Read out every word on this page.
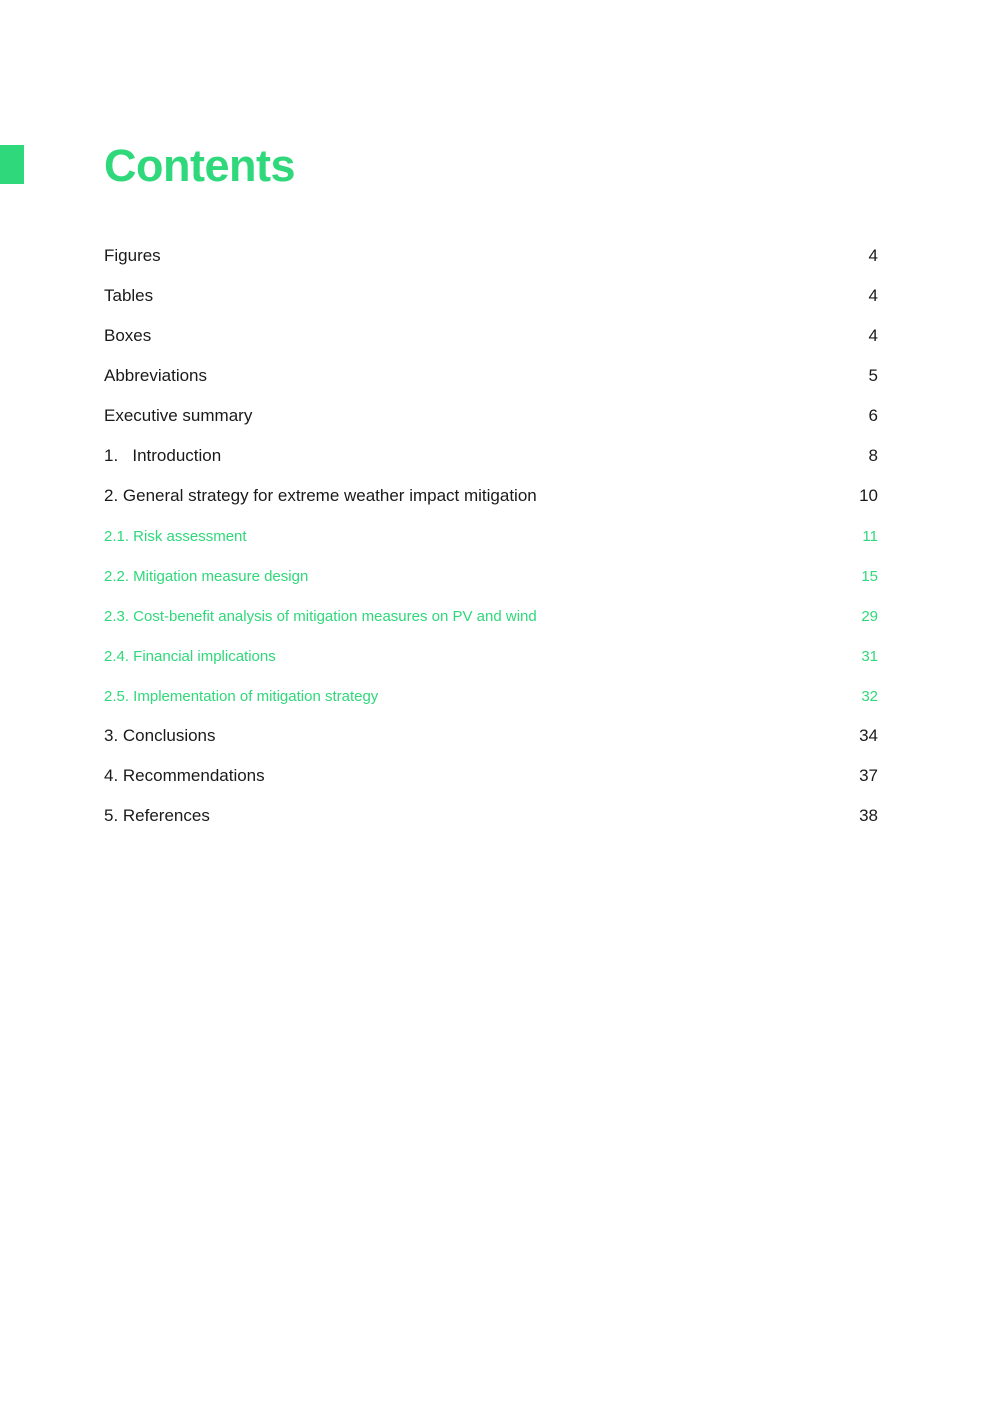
Contents
Figures	4
Tables	4
Boxes	4
Abbreviations	5
Executive summary	6
1.   Introduction	8
2. General strategy for extreme weather impact mitigation	10
2.1. Risk assessment	11
2.2. Mitigation measure design	15
2.3. Cost-benefit analysis of mitigation measures on PV and wind	29
2.4. Financial implications	31
2.5. Implementation of mitigation strategy	32
3. Conclusions	34
4. Recommendations	37
5. References	38
